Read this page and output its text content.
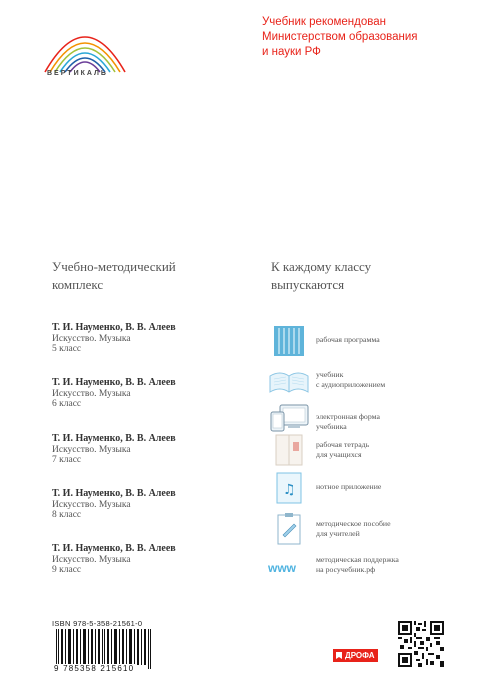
ВЕРТИКАЛЬ
Учебник рекомендован
Министерством образования
и науки РФ
Учебно-методический
комплекс
Т. И. Науменко, В. В. Алеев
Искусство. Музыка
5 класс
Т. И. Науменко, В. В. Алеев
Искусство. Музыка
6 класс
Т. И. Науменко, В. В. Алеев
Искусство. Музыка
7 класс
Т. И. Науменко, В. В. Алеев
Искусство. Музыка
8 класс
Т. И. Науменко, В. В. Алеев
Искусство. Музыка
9 класс
К каждому классу
выпускаются
рабочая программа
учебник
с аудиоприложением
электронная форма
учебника
рабочая тетрадь
для учащихся
♫	нотное приложение
методическое пособие
для учителей
www
методическая поддержка
на росучебник.рф
ISBN 978-5-358-21561-0
9 785358 215610
ДРОФА
